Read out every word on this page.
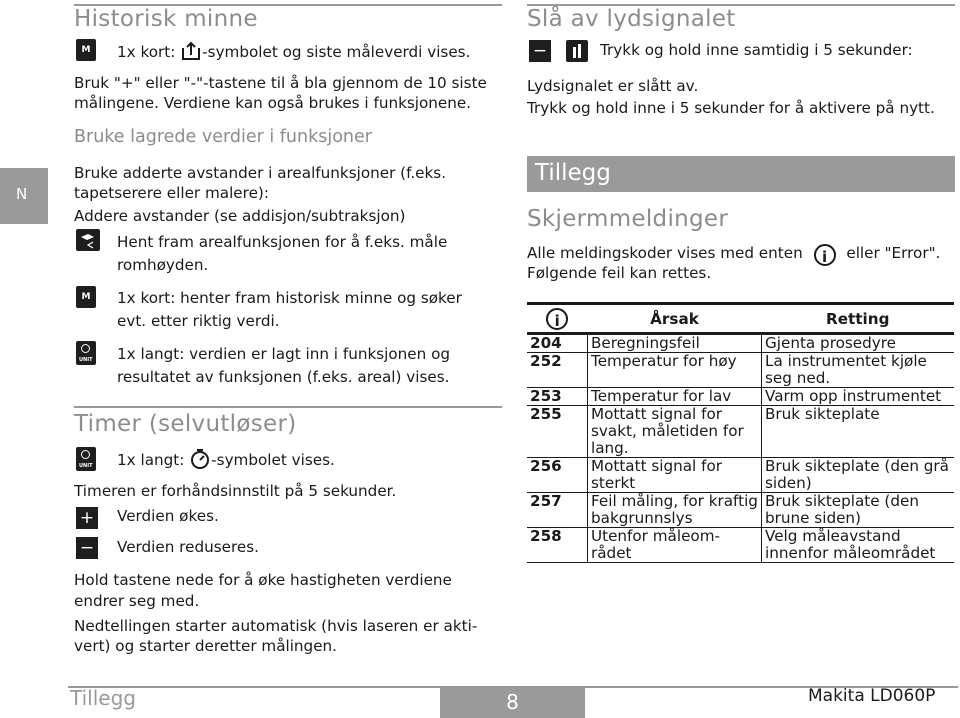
N
Historisk minne
M	1x kort: -symbolet og siste måleverdi vises.
Bruk "+" eller "-"-tastene til å bla gjennom de 10 siste
målingene. Verdiene kan også brukes i funksjonene.
Bruke lagrede verdier i funksjoner
Bruke adderte avstander i arealfunksjoner (f.eks.
tapetserere eller malere):
Addere avstander (se addisjon/subtraksjon)
Hent fram arealfunksjonen for å f.eks. måle
romhøyden.
M	1x kort: henter fram historisk minne og søker
evt. etter riktig verdi.
UNIT 1x langt: verdien er lagt inn i funksjonen og
resultatet av funksjonen (f.eks. areal) vises.
Timer (selvutløser)
UNIT 1x langt: -symbolet vises.
Timeren er forhåndsinnstilt på 5 sekunder.
+ Verdien økes.
− Verdien reduseres.
Hold tastene nede for å øke hastigheten verdiene
endrer seg med.
Nedtellingen starter automatisk (hvis laseren er akti-
vert) og starter deretter målingen.
Slå av lydsignalet
−	Trykk og hold inne samtidig i 5 sekunder:
Lydsignalet er slått av.
Trykk og hold inne i 5 sekunder for å aktivere på nytt.
Tillegg
Skjermmeldinger
Alle meldingskoder vises med enten i eller "Error".
Følgende feil kan rettes.
i	Årsak	Retting
204	Beregningsfeil	Gjenta prosedyre
252	Temperatur for høy	La instrumentet kjøle seg ned.
253	Temperatur for lav	Varm opp instrumentet
255	Mottatt signal for svakt, måletiden for lang.	Bruk sikteplate
256	Mottatt signal for sterkt	Bruk sikteplate (den grå siden)
257	Feil måling, for kraftig bakgrunnslys	Bruk sikteplate (den brune siden)
258	Utenfor måleom-rådet	Velg måleavstand innenfor måleområdet
Tillegg	8	Makita LD060P
